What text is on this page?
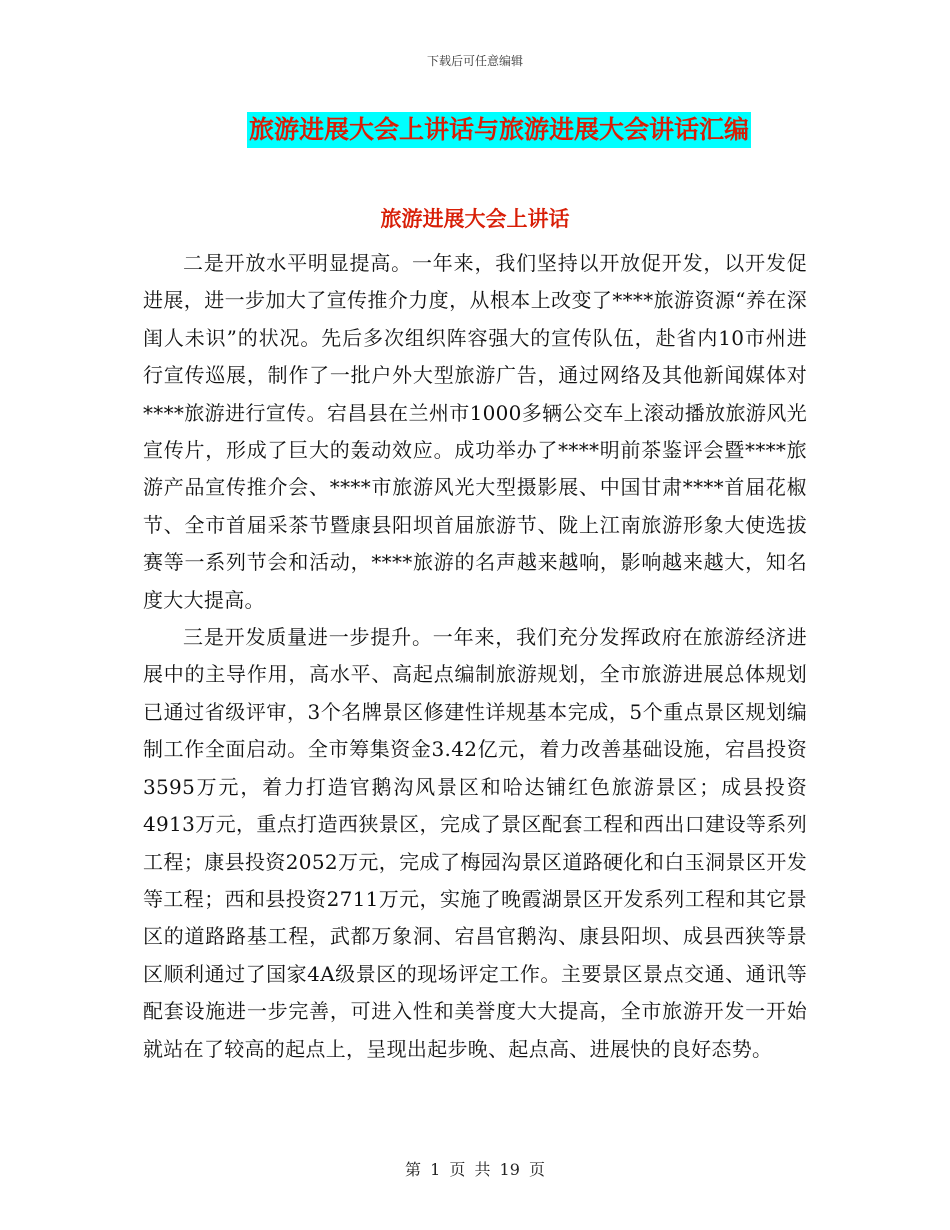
下载后可任意编辑
旅游进展大会上讲话与旅游进展大会讲话汇编
旅游进展大会上讲话

二是开放水平明显提高。一年来，我们坚持以开放促开发，以开发促进展，进一步加大了宣传推介力度，从根本上改变了****旅游资源“养在深闺人未识”的状况。先后多次组织阵容强大的宣传队伍，赴省内10市州进行宣传巡展，制作了一批户外大型旅游广告，通过网络及其他新闻媒体对****旅游进行宣传。宕昌县在兰州市1000多辆公交车上滚动播放旅游风光宣传片，形成了巨大的轰动效应。成功举办了****明前茶鉴评会暨****旅游产品宣传推介会、****市旅游风光大型摄影展、中国甘肃****首届花椒节、全市首届采茶节暨康县阳坝首届旅游节、陇上江南旅游形象大使选拔赛等一系列节会和活动，****旅游的名声越来越响，影响越来越大，知名度大大提高。

三是开发质量进一步提升。一年来，我们充分发挥政府在旅游经济进展中的主导作用，高水平、高起点编制旅游规划，全市旅游进展总体规划已通过省级评审，3个名牌景区修建性详规基本完成，5个重点景区规划编制工作全面启动。全市筹集资金3.42亿元，着力改善基础设施，宕昌投资3595万元，着力打造官鹅沟风景区和哈达铺红色旅游景区；成县投资4913万元，重点打造西狭景区，完成了景区配套工程和西出口建设等系列工程；康县投资2052万元，完成了梅园沟景区道路硬化和白玉洞景区开发等工程；西和县投资2711万元，实施了晚霞湖景区开发系列工程和其它景区的道路路基工程，武都万象洞、宕昌官鹅沟、康县阳坝、成县西狭等景区顺利通过了国家4A级景区的现场评定工作。主要景区景点交通、通讯等配套设施进一步完善，可进入性和美誉度大大提高，全市旅游开发一开始就站在了较高的起点上，呈现出起步晚、起点高、进展快的良好态势。

第 1 页 共 19 页
